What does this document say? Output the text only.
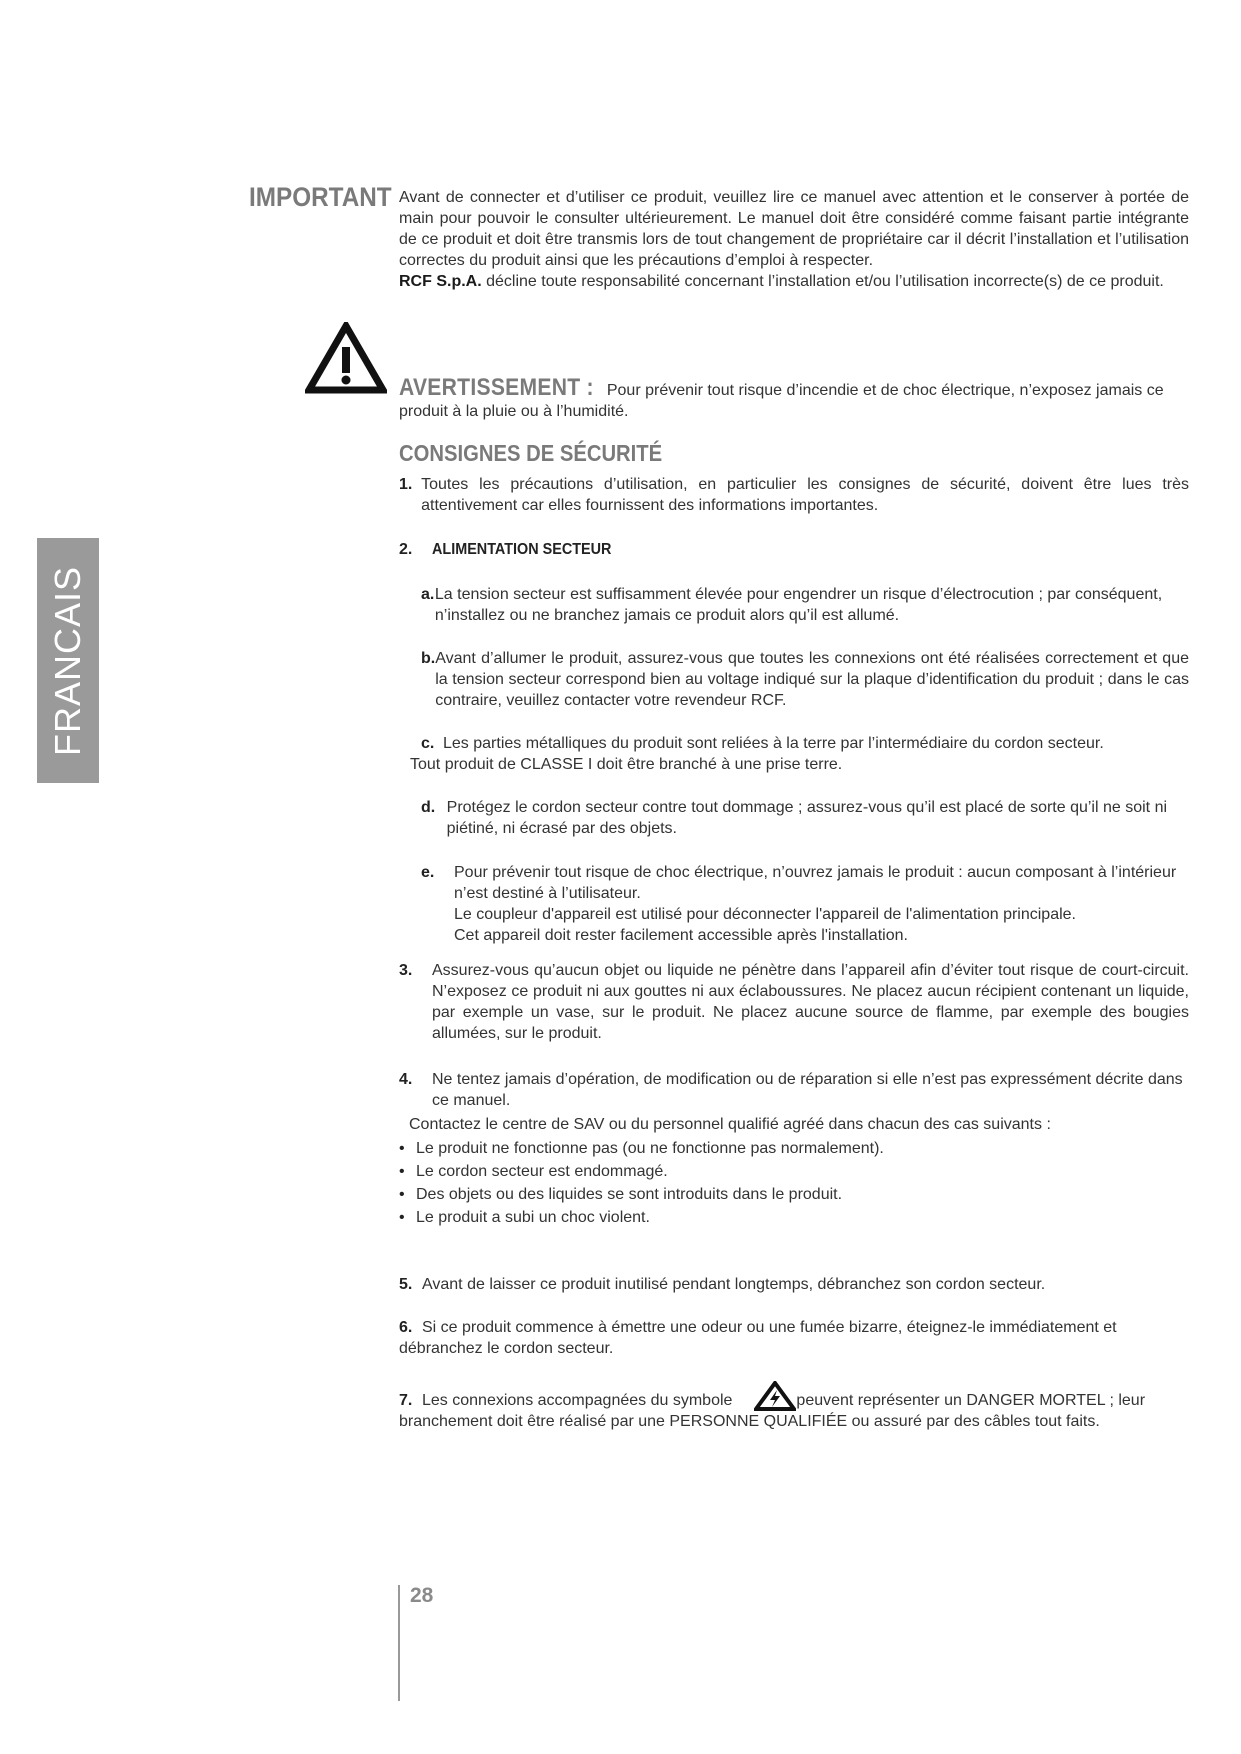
FRANCAIS
IMPORTANT Avant de connecter et d’utiliser ce produit, veuillez lire ce manuel avec attention et le conserver à portée de main pour pouvoir le consulter ultérieurement. Le manuel doit être considéré comme faisant partie intégrante de ce produit et doit être transmis lors de tout changement de propriétaire car il décrit l’installation et l’utilisation correctes du produit ainsi que les précautions d’emploi à respecter.

RCF S.p.A. décline toute responsabilité concernant l’installation et/ou l’utilisation incorrecte(s) de ce produit.

AVERTISSEMENT : Pour prévenir tout risque d’incendie et de choc électrique, n’exposez jamais ce produit à la pluie ou à l’humidité.
CONSIGNES DE SÉCURITÉ
1. Toutes les précautions d’utilisation, en particulier les consignes de sécurité, doivent être lues très attentivement car elles fournissent des informations importantes.
2. ALIMENTATION SECTEUR
a. La tension secteur est suffisamment élevée pour engendrer un risque d’électrocution ; par conséquent, n’installez ou ne branchez jamais ce produit alors qu’il est allumé.
b. Avant d’allumer le produit, assurez-vous que toutes les connexions ont été réalisées correctement et que la tension secteur correspond bien au voltage indiqué sur la plaque d’identification du produit ; dans le cas contraire, veuillez contacter votre revendeur RCF.
c. Les parties métalliques du produit sont reliées à la terre par l’intermédiaire du cordon secteur.
Tout produit de CLASSE I doit être branché à une prise terre.
d. Protégez le cordon secteur contre tout dommage ; assurez-vous qu’il est placé de sorte qu’il ne soit ni piétiné, ni écrasé par des objets.
e.	Pour prévenir tout risque de choc électrique, n’ouvrez jamais le produit : aucun composant à l’intérieur n’est destiné à l’utilisateur.
Le coupleur d'appareil est utilisé pour déconnecter l'appareil de l'alimentation principale.
Cet appareil doit rester facilement accessible après l'installation.
3.	Assurez-vous qu’aucun objet ou liquide ne pénètre dans l’appareil afin d’éviter tout risque de court-circuit. N’exposez ce produit ni aux gouttes ni aux éclaboussures. Ne placez aucun récipient contenant un liquide, par exemple un vase, sur le produit. Ne placez aucune source de flamme, par exemple des bougies allumées, sur le produit.
4.	Ne tentez jamais d’opération, de modification ou de réparation si elle n’est pas expressément décrite dans ce manuel.
Contactez le centre de SAV ou du personnel qualifié agréé dans chacun des cas suivants :
• Le produit ne fonctionne pas (ou ne fonctionne pas normalement).
• Le cordon secteur est endommagé.
• Des objets ou des liquides se sont introduits dans le produit.
• Le produit a subi un choc violent.
5. Avant de laisser ce produit inutilisé pendant longtemps, débranchez son cordon secteur.
6. Si ce produit commence à émettre une odeur ou une fumée bizarre, éteignez-le immédiatement et débranchez le cordon secteur.
7. Les connexions accompagnées du symbole	peuvent représenter un DANGER MORTEL ; leur branchement doit être réalisé par une PERSONNE QUALIFIÉE ou assuré par des câbles tout faits.
28
